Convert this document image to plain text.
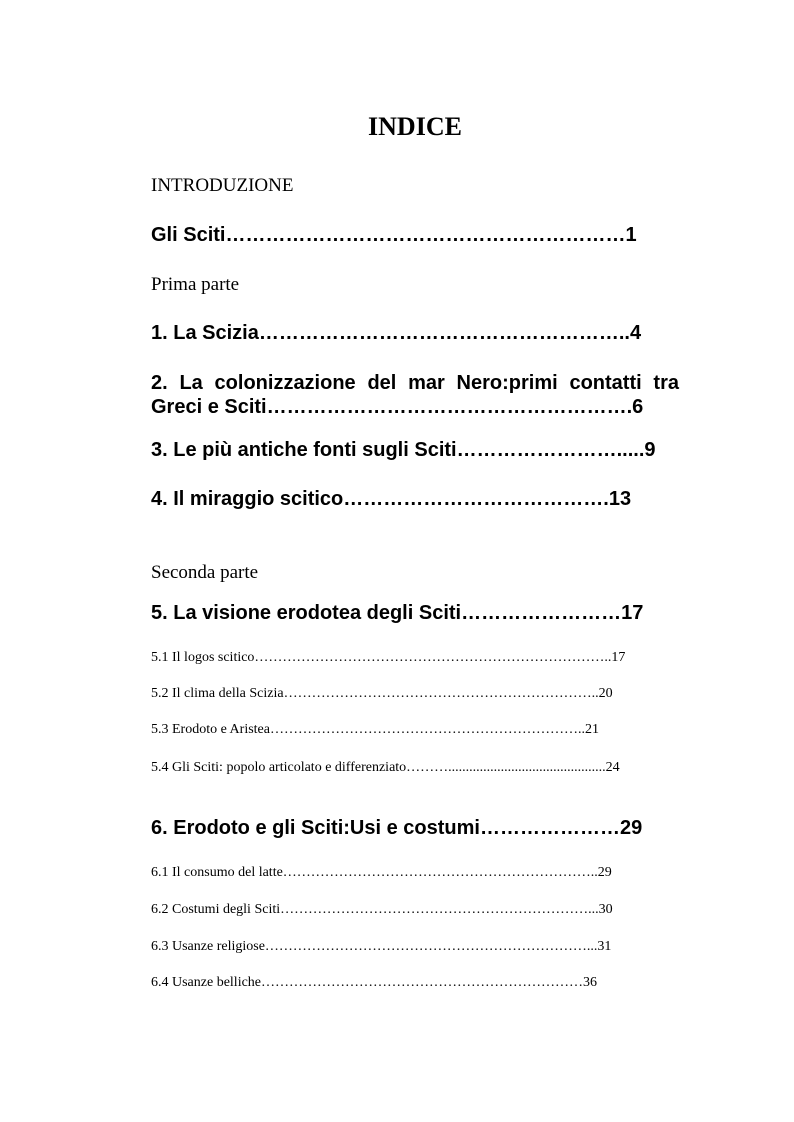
INDICE
INTRODUZIONE
Gli Sciti……………………………………………………1
Prima parte
1. La Scizia………………………………………………..4
2. La colonizzazione del mar Nero:primi contatti tra
Greci e Sciti……………………………………………….6
3. Le più antiche fonti sugli Sciti…………………….....9
4. Il miraggio scitico………………………………….13
Seconda parte
5. La visione erodotea degli Sciti……………………17
5.1 Il logos scitico…………………………………………………………………..17
5.2 Il clima della Scizia…………………………………………………………..20
5.3 Erodoto e Aristea…………………………………………………………..21
5.4 Gli Sciti: popolo articolato e differenziato……….............................................24
6. Erodoto e gli Sciti:Usi e costumi…………………29
6.1 Il consumo del latte…………………………………………………………..29
6.2 Costumi degli Sciti…………………………………………………………...30
6.3 Usanze religiose……………………………………………………………...31
6.4 Usanze belliche……………………………………………………………36
